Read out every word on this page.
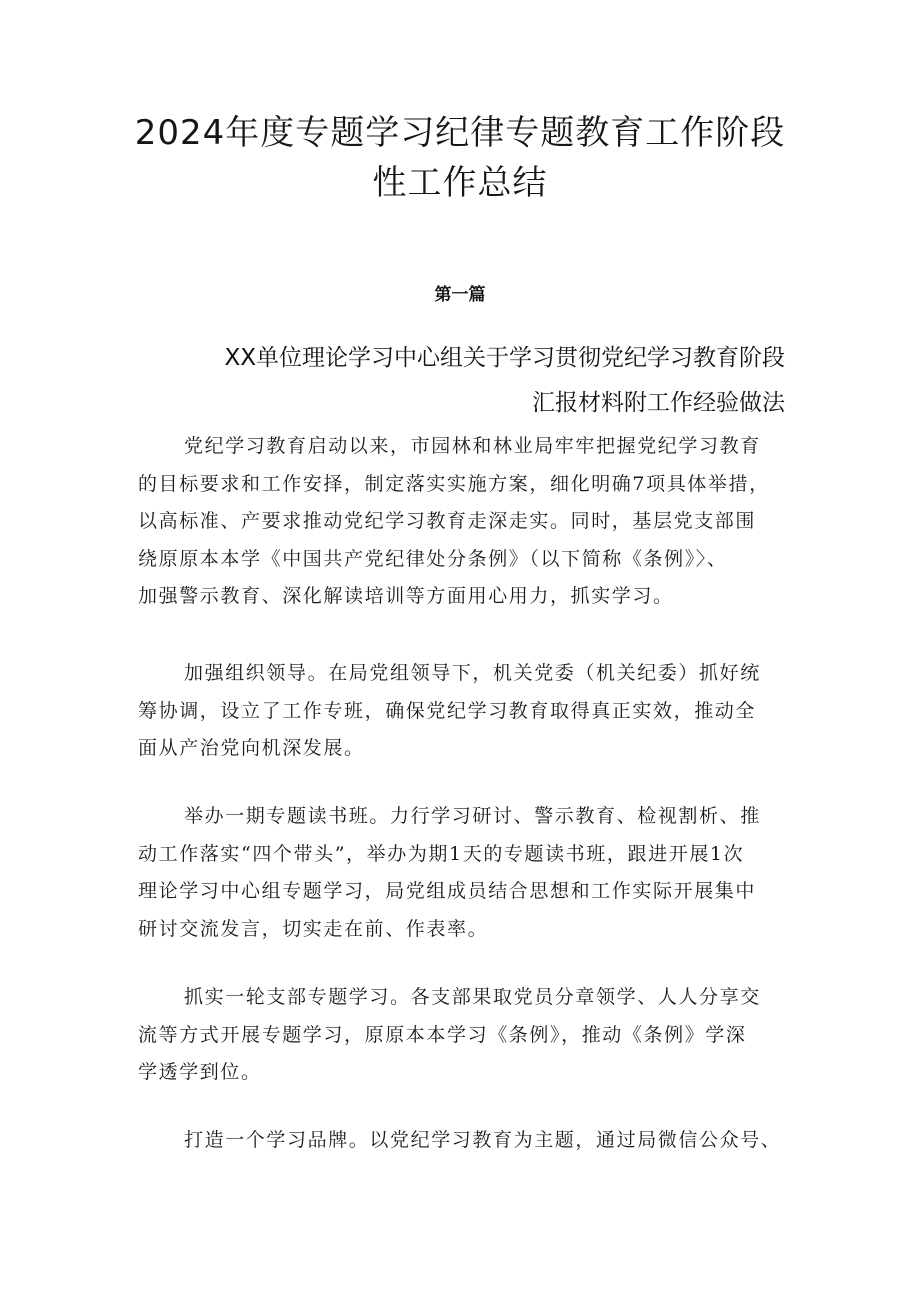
2024年度专题学习纪律专题教育工作阶段
性工作总结
第一篇
XX单位理论学习中心组关于学习贯彻党纪学习教育阶段
汇报材料附工作经验做法

党纪学习教育启动以来，市园林和林业局牢牢把握党纪学习教育
的目标要求和工作安择，制定落实实施方案，细化明确7项具体举措，
以高标准、产要求推动党纪学习教育走深走实。同时，基层党支部围
绕原原本本学《中国共产党纪律处分条例》（以下简称《条例》〉、
加强警示教育、深化解读培训等方面用心用力，抓实学习。

加强组织领导。在局党组领导下，机关党委（机关纪委）抓好统
筹协调，设立了工作专班，确保党纪学习教育取得真正实效，推动全
面从产治党向机深发展。

举办一期专题读书班。力行学习研讨、警示教育、检视割析、推
动工作落实“四个带头”，举办为期1天的专题读书班，跟进开展1次
理论学习中心组专题学习，局党组成员结合思想和工作实际开展集中
研讨交流发言，切实走在前、作表率。

抓实一轮支部专题学习。各支部果取党员分章领学、人人分享交
流等方式开展专题学习，原原本本学习《条例》，推动《条例》学深
学透学到位。

打造一个学习品牌。以党纪学习教育为主题，通过局微信公众号、
